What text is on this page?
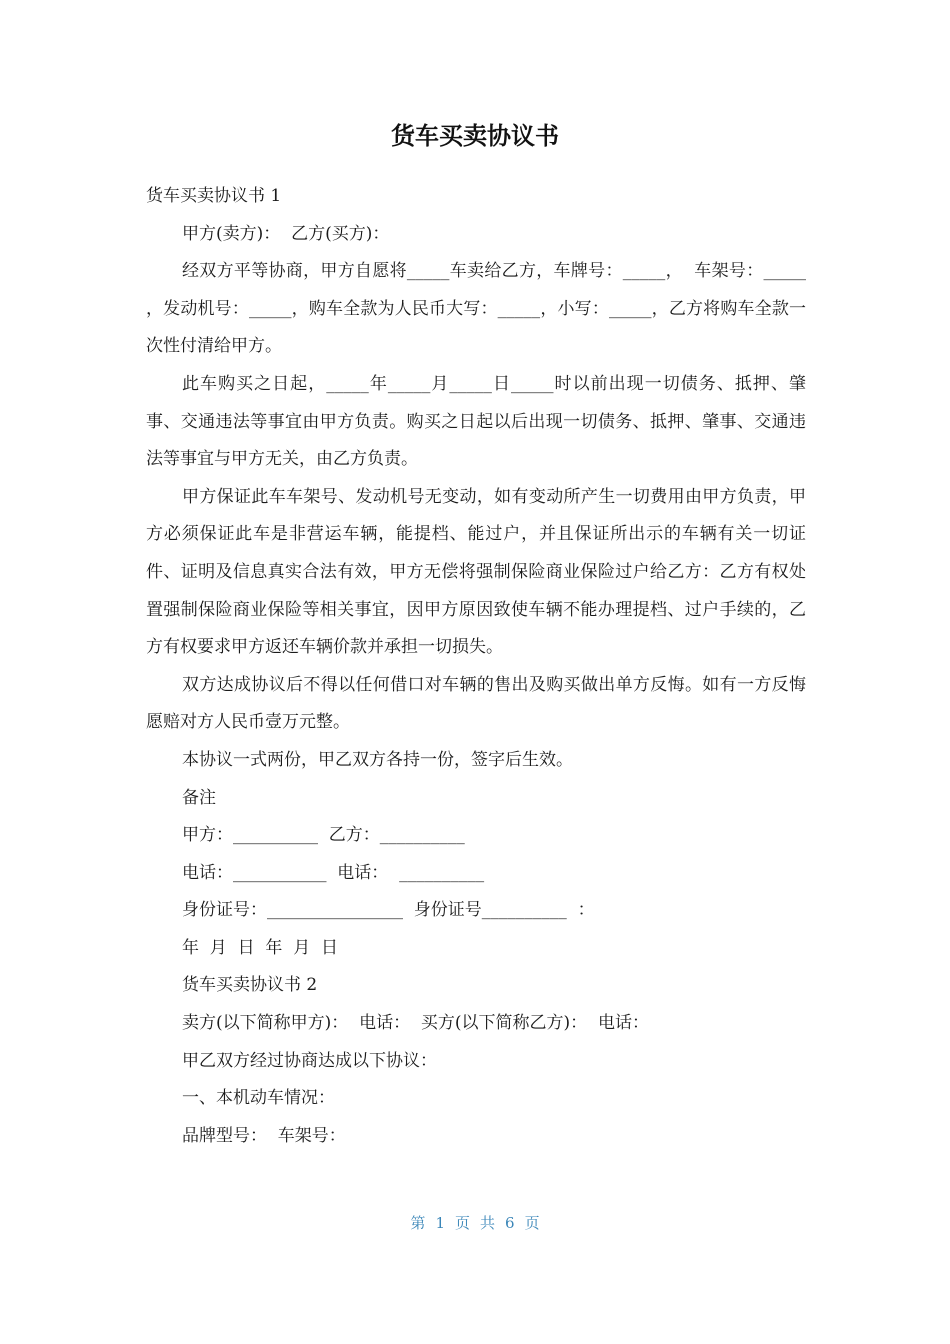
货车买卖协议书

货车买卖协议书 1

甲方(卖方)：  乙方(买方)：

经双方平等协商，甲方自愿将_____车卖给乙方，车牌号：_____，  车架号：_____ ，发动机号：_____，购车全款为人民币大写：_____，小写：_____，乙方将购车全款一次性付清给甲方。

此车购买之日起，_____年_____月_____日_____时以前出现一切债务、抵押、肇事、交通违法等事宜由甲方负责。购买之日起以后出现一切债务、抵押、肇事、交通违法等事宜与甲方无关，由乙方负责。

甲方保证此车车架号、发动机号无变动，如有变动所产生一切费用由甲方负责，甲方必须保证此车是非营运车辆，能提档、能过户，并且保证所出示的车辆有关一切证件、证明及信息真实合法有效，甲方无偿将强制保险商业保险过户给乙方：乙方有权处置强制保险商业保险等相关事宜，因甲方原因致使车辆不能办理提档、过户手续的，乙方有权要求甲方返还车辆价款并承担一切损失。

双方达成协议后不得以任何借口对车辆的售出及购买做出单方反悔。如有一方反悔愿赔对方人民币壹万元整。

本协议一式两份，甲乙双方各持一份，签字后生效。

备注

甲方：__________  乙方：__________

电话：___________  电话：  __________

身份证号：________________  身份证号__________  ：

年  月  日  年  月  日

货车买卖协议书 2

卖方(以下简称甲方)：  电话：  买方(以下简称乙方)：  电话：

甲乙双方经过协商达成以下协议：

一、本机动车情况：

品牌型号：  车架号：

第 1 页 共 6 页
